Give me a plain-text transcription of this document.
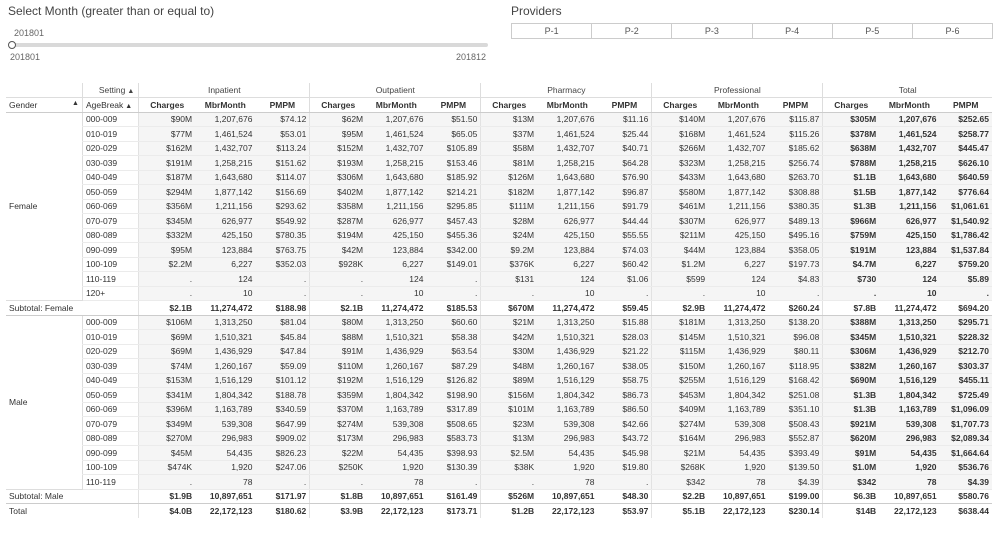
Select Month (greater than or equal to)
201801
201801	201812
Providers
P-1	P-2	P-3	P-4	P-5	P-6
	Setting ▲	Inpatient			Outpatient			Pharmacy			Professional			Total		
Gender ▲	AgeBreak ▲	Charges	MbrMonth	PMPM	Charges	MbrMonth	PMPM	Charges	MbrMonth	PMPM	Charges	MbrMonth	PMPM	Charges	MbrMonth	PMPM
Female	000-009	$90M	1,207,676	$74.12	$62M	1,207,676	$51.50	$13M	1,207,676	$11.16	$140M	1,207,676	$115.87	$305M	1,207,676	$252.65
	010-019	$77M	1,461,524	$53.01	$95M	1,461,524	$65.05	$37M	1,461,524	$25.44	$168M	1,461,524	$115.26	$378M	1,461,524	$258.77
	020-029	$162M	1,432,707	$113.24	$152M	1,432,707	$105.89	$58M	1,432,707	$40.71	$266M	1,432,707	$185.62	$638M	1,432,707	$445.47
	030-039	$191M	1,258,215	$151.62	$193M	1,258,215	$153.46	$81M	1,258,215	$64.28	$323M	1,258,215	$256.74	$788M	1,258,215	$626.10
	040-049	$187M	1,643,680	$114.07	$306M	1,643,680	$185.92	$126M	1,643,680	$76.90	$433M	1,643,680	$263.70	$1.1B	1,643,680	$640.59
	050-059	$294M	1,877,142	$156.69	$402M	1,877,142	$214.21	$182M	1,877,142	$96.87	$580M	1,877,142	$308.88	$1.5B	1,877,142	$776.64
	060-069	$356M	1,211,156	$293.62	$358M	1,211,156	$295.85	$111M	1,211,156	$91.79	$461M	1,211,156	$380.35	$1.3B	1,211,156	$1,061.61
	070-079	$345M	626,977	$549.92	$287M	626,977	$457.43	$28M	626,977	$44.44	$307M	626,977	$489.13	$966M	626,977	$1,540.92
	080-089	$332M	425,150	$780.35	$194M	425,150	$455.36	$24M	425,150	$55.55	$211M	425,150	$495.16	$759M	425,150	$1,786.42
	090-099	$95M	123,884	$763.75	$42M	123,884	$342.00	$9.2M	123,884	$74.03	$44M	123,884	$358.05	$191M	123,884	$1,537.84
	100-109	$2.2M	6,227	$352.03	$928K	6,227	$149.01	$376K	6,227	$60.42	$1.2M	6,227	$197.73	$4.7M	6,227	$759.20
	110-119	.	124	.	.	124	.	$131	124	$1.06	$599	124	$4.83	$730	124	$5.89
	120+	.	10	.	.	10	.	.	10	.	.	10	.	.	10	.
Subtotal: Female		$2.1B	11,274,472	$188.98	$2.1B	11,274,472	$185.53	$670M	11,274,472	$59.45	$2.9B	11,274,472	$260.24	$7.8B	11,274,472	$694.20
Male	000-009	$106M	1,313,250	$81.04	$80M	1,313,250	$60.60	$21M	1,313,250	$15.88	$181M	1,313,250	$138.20	$388M	1,313,250	$295.71
	010-019	$69M	1,510,321	$45.84	$88M	1,510,321	$58.38	$42M	1,510,321	$28.03	$145M	1,510,321	$96.08	$345M	1,510,321	$228.32
	020-029	$69M	1,436,929	$47.84	$91M	1,436,929	$63.54	$30M	1,436,929	$21.22	$115M	1,436,929	$80.11	$306M	1,436,929	$212.70
	030-039	$74M	1,260,167	$59.09	$110M	1,260,167	$87.29	$48M	1,260,167	$38.05	$150M	1,260,167	$118.95	$382M	1,260,167	$303.37
	040-049	$153M	1,516,129	$101.12	$192M	1,516,129	$126.82	$89M	1,516,129	$58.75	$255M	1,516,129	$168.42	$690M	1,516,129	$455.11
	050-059	$341M	1,804,342	$188.78	$359M	1,804,342	$198.90	$156M	1,804,342	$86.73	$453M	1,804,342	$251.08	$1.3B	1,804,342	$725.49
	060-069	$396M	1,163,789	$340.59	$370M	1,163,789	$317.89	$101M	1,163,789	$86.50	$409M	1,163,789	$351.10	$1.3B	1,163,789	$1,096.09
	070-079	$349M	539,308	$647.99	$274M	539,308	$508.65	$23M	539,308	$42.66	$274M	539,308	$508.43	$921M	539,308	$1,707.73
	080-089	$270M	296,983	$909.02	$173M	296,983	$583.73	$13M	296,983	$43.72	$164M	296,983	$552.87	$620M	296,983	$2,089.34
	090-099	$45M	54,435	$826.23	$22M	54,435	$398.93	$2.5M	54,435	$45.98	$21M	54,435	$393.49	$91M	54,435	$1,664.64
	100-109	$474K	1,920	$247.06	$250K	1,920	$130.39	$38K	1,920	$19.80	$268K	1,920	$139.50	$1.0M	1,920	$536.76
	110-119	.	78	.	.	78	.	.	78	.	$342	78	$4.39	$342	78	$4.39
Subtotal: Male		$1.9B	10,897,651	$171.97	$1.8B	10,897,651	$161.49	$526M	10,897,651	$48.30	$2.2B	10,897,651	$199.00	$6.3B	10,897,651	$580.76
Total		$4.0B	22,172,123	$180.62	$3.9B	22,172,123	$173.71	$1.2B	22,172,123	$53.97	$5.1B	22,172,123	$230.14	$14B	22,172,123	$638.44
